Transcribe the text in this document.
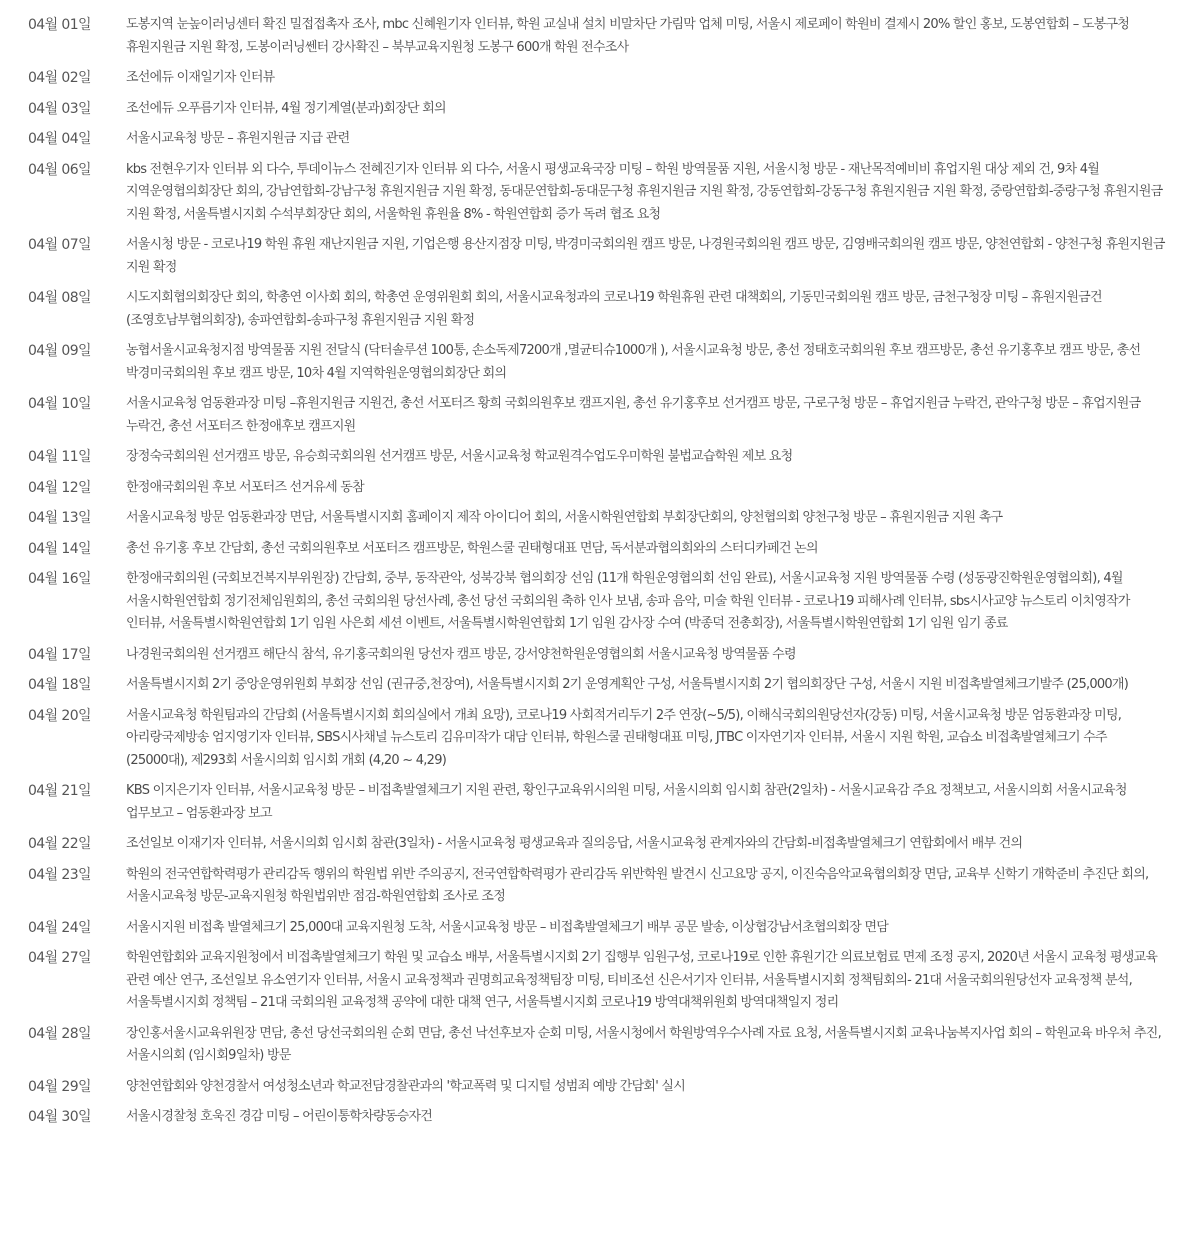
04월 01일	도봉지역 눈높이러닝센터 확진 밀접접촉자 조사, mbc 신혜원기자 인터뷰, 학원 교실내 설치 비말차단 가림막 업체 미팅, 서울시 제로페이 학원비 결제시 20% 할인 홍보, 도봉연합회 – 도봉구청 휴원지원금 지원 확정, 도봉이러닝쎈터 강사확진 – 북부교육지원청 도봉구 600개 학원 전수조사
04월 02일	조선에듀 이재일기자 인터뷰
04월 03일	조선에듀 오푸름기자 인터뷰, 4월 정기계열(분과)회장단 회의
04월 04일	서울시교육청 방문 – 휴원지원금 지급 관련
04월 06일	kbs 전현우기자 인터뷰 외 다수, 투데이뉴스 전혜진기자 인터뷰 외 다수, 서울시 평생교육국장 미팅 – 학원 방역물품 지원, 서울시청 방문 - 재난목적예비비 휴업지원 대상 제외 건, 9차 4월 지역운영협의회장단 회의, 강남연합회-강남구청 휴원지원금 지원 확정, 동대문연합회-동대문구청 휴원지원금 지원 확정, 강동연합회-강동구청 휴원지원금 지원 확정, 중랑연합회-중랑구청 휴원지원금 지원 확정, 서울특별시지회 수석부회장단 회의, 서울학원 휴원율 8% - 학원연합회 증가 독려 협조 요청
04월 07일	서울시청 방문 - 코로나19 학원 휴원 재난지원금 지원, 기업은행 용산지점장 미팅, 박경미국회의원 캠프 방문, 나경원국회의원 캠프 방문, 김영배국회의원 캠프 방문, 양천연합회 - 양천구청 휴원지원금 지원 확정
04월 08일	시도지회협의회장단 회의, 학총연 이사회 회의, 학총연 운영위원회 회의, 서울시교육청과의 코로나19 학원휴원 관련 대책회의, 기동민국회의원 캠프 방문, 금천구청장 미팅 – 휴원지원금건 (조영호남부협의회장), 송파연합회-송파구청 휴원지원금 지원 확정
04월 09일	농협서울시교육청지점 방역물품 지원 전달식 (닥터솔루션 100통, 손소독제7200개 ,멸균티슈1000개 ), 서울시교육청 방문, 총선 정태호국회의원 후보 캠프방문, 총선 유기홍후보 캠프 방문, 총선 박경미국회의원 후보 캠프 방문, 10차 4월 지역학원운영협의회장단 회의
04월 10일	서울시교육청 엄동환과장 미팅 –휴원지원금 지원건, 총선 서포터즈 황희 국회의원후보 캠프지원, 총선 유기홍후보 선거캠프 방문, 구로구청 방문 – 휴업지원금 누락건, 관악구청 방문 – 휴업지원금 누락건, 총선 서포터즈 한정애후보 캠프지원
04월 11일	장정숙국회의원 선거캠프 방문, 유승희국회의원 선거캠프 방문, 서울시교육청 학교원격수업도우미학원 불법교습학원 제보 요청
04월 12일	한정애국회의원 후보 서포터즈 선거유세 동참
04월 13일	서울시교육청 방문 엄동환과장 면담, 서울특별시지회 홈페이지 제작 아이디어 회의, 서울시학원연합회 부회장단회의, 양천협의회 양천구청 방문 – 휴원지원금 지원 촉구
04월 14일	총선 유기홍 후보 간담회, 총선 국회의원후보 서포터즈 캠프방문, 학원스쿨 권태형대표 면담, 독서분과협의회와의 스터디카페건 논의
04월 16일	한정애국회의원 (국회보건복지부위원장) 간담회, 중부, 동작관악, 성북강북 협의회장 선임 (11개 학원운영협의회 선임 완료), 서울시교육청 지원 방역물품 수령 (성동광진학원운영협의회), 4월 서울시학원연합회 정기전체임원회의, 총선 국회의원 당선사례, 총선 당선 국회의원 축하 인사 보냄, 송파 음악, 미술 학원 인터뷰 - 코로나19 피해사례 인터뷰, sbs시사교양 뉴스토리 이치영작가 인터뷰, 서울특별시학원연합회 1기 임원 사은회 세션 이벤트, 서울특별시학원연합회 1기 임원 감사장 수여 (박종덕 전총회장), 서울특별시학원연합회 1기 임원 임기 종료
04월 17일	나경원국회의원 선거캠프 해단식 참석, 유기홍국회의원 당선자 캠프 방문, 강서양천학원운영협의회 서울시교육청 방역물품 수령
04월 18일	서울특별시지회 2기 중앙운영위원회 부회장 선임 (권규중,천장여), 서울특별시지회 2기 운영계획안 구성, 서울특별시지회 2기 협의회장단 구성, 서울시 지원 비접촉발열체크기발주 (25,000개)
04월 20일	서울시교육청 학원팀과의 간담회 (서울특별시지회 회의실에서 개최 요망), 코로나19 사회적거리두기 2주 연장(~5/5), 이해식국회의원당선자(강동) 미팅, 서울시교육청 방문 엄동환과장 미팅, 아리랑국제방송 엄지영기자 인터뷰, SBS시사채널 뉴스토리 김유미작가 대담 인터뷰, 학원스쿨 권태형대표 미팅, JTBC 이자연기자 인터뷰, 서울시 지원 학원, 교습소 비접촉발열체크기 수주(25000대), 제293회 서울시의회 임시회 개회 (4,20 ~ 4,29)
04월 21일	KBS 이지은기자 인터뷰, 서울시교육청 방문 – 비접촉발열체크기 지원 관련, 황인구교육위시의원 미팅, 서울시의회 임시회 참관(2일차) - 서울시교육감 주요 정책보고, 서울시의회 서울시교육청 업무보고 – 엄동환과장 보고
04월 22일	조선일보 이재기자 인터뷰, 서울시의회 임시회 참관(3일차) - 서울시교육청 평생교육과 질의응답, 서울시교육청 관계자와의 간담회-비접촉발열체크기 연합회에서 배부 건의
04월 23일	학원의 전국연합학력평가 관리감독 행위의 학원법 위반 주의공지, 전국연합학력평가 관리감독 위반학원 발견시 신고요망 공지, 이진숙음악교육협의회장 면담, 교육부 신학기 개학준비 추진단 회의, 서울시교육청 방문-교육지원청 학원법위반 점검-학원연합회 조사로 조정
04월 24일	서울시지원 비접촉 발열체크기 25,000대 교육지원청 도착, 서울시교육청 방문 – 비접촉발열체크기 배부 공문 발송, 이상협강남서초협의회장 면담
04월 27일	학원연합회와 교육지원청에서 비접촉발열체크기 학원 및 교습소 배부, 서울특별시지회 2기 집행부 임원구성, 코로나19로 인한 휴원기간 의료보험료 면제 조정 공지, 2020년 서울시 교육청 평생교육 관련 예산 연구, 조선일보 유소연기자 인터뷰, 서울시 교육정책과 권명희교육정책팀장 미팅, 티비조선 신은서기자 인터뷰, 서울특별시지회 정책팀회의- 21대 서울국회의원당선자 교육정책 분석, 서울툭별시지회 정책팀 – 21대 국회의원 교육정책 공약에 대한 대책 연구, 서울특별시지회 코로나19 방역대책위원회 방역대책일지 정리
04월 28일	장인홍서울시교육위원장 면담, 총선 당선국회의원 순회 면담, 총선 낙선후보자 순회 미팅, 서울시청에서 학원방역우수사례 자료 요청, 서울특별시지회 교육나눔복지사업 회의 – 학원교육 바우처 추진, 서울시의회 (임시회9일차) 방문
04월 29일	양천연합회와 양천경찰서 여성청소년과 학교전담경찰관과의 '학교폭력 및 디지털 성범죄 예방 간담회' 실시
04월 30일	서울시경찰청 호욱진 경감 미팅 – 어린이통학차량동승자건
